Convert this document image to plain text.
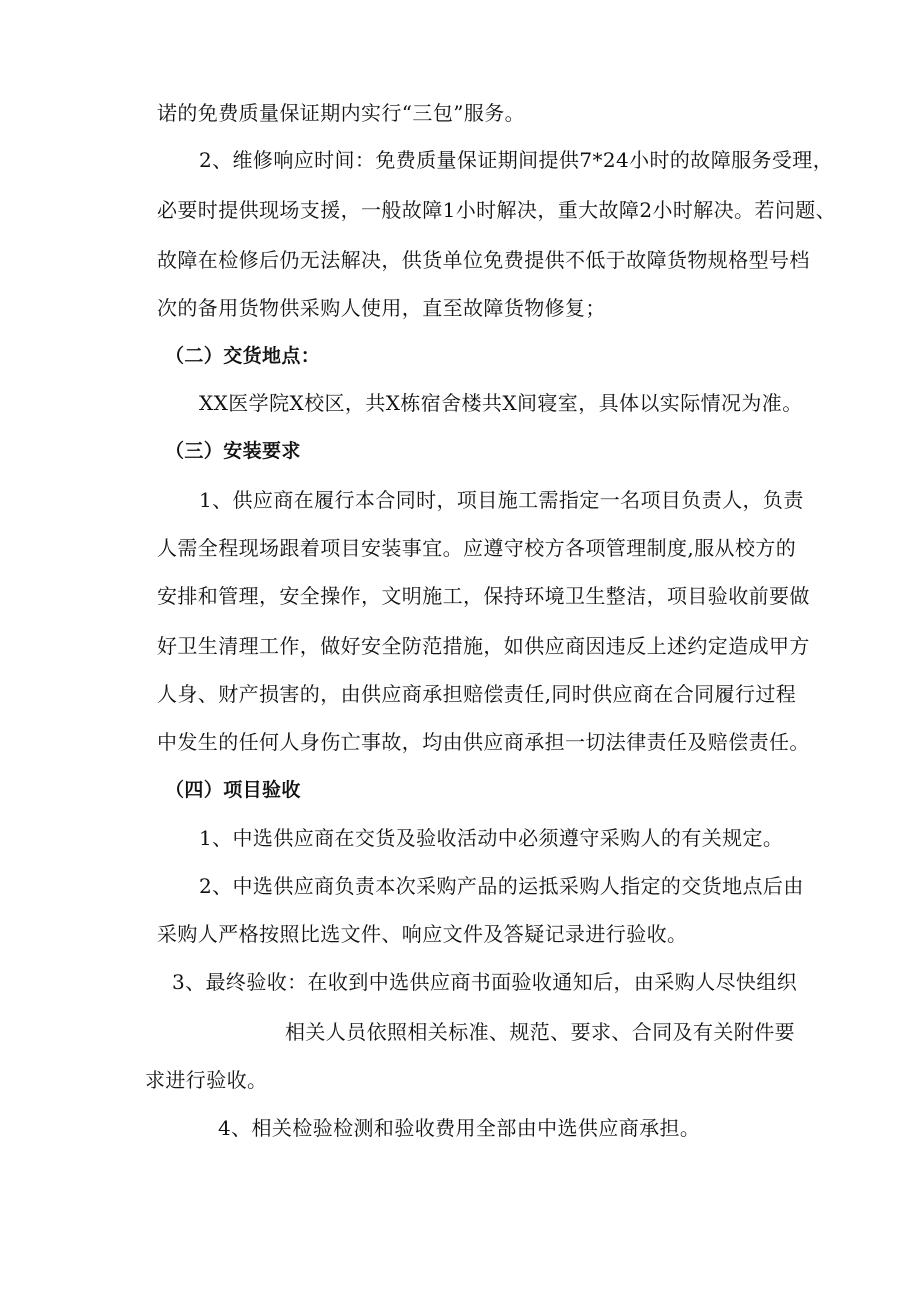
诺的免费质量保证期内实行“三包”服务。
2、维修响应时间：免费质量保证期间提供7*24小时的故障服务受理，
必要时提供现场支援，一般故障1小时解决，重大故障2小时解决。若问题、
故障在检修后仍无法解决，供货单位免费提供不低于故障货物规格型号档
次的备用货物供采购人使用，直至故障货物修复；
（二）交货地点：
XX医学院X校区，共X栋宿舍楼共X间寝室，具体以实际情况为准。
（三）安装要求
1、供应商在履行本合同时，项目施工需指定一名项目负责人，负责
人需全程现场跟着项目安装事宜。应遵守校方各项管理制度,服从校方的
安排和管理，安全操作，文明施工，保持环境卫生整洁，项目验收前要做
好卫生清理工作，做好安全防范措施，如供应商因违反上述约定造成甲方
人身、财产损害的，由供应商承担赔偿责任,同时供应商在合同履行过程
中发生的任何人身伤亡事故，均由供应商承担一切法律责任及赔偿责任。
（四）项目验收
1、中选供应商在交货及验收活动中必须遵守采购人的有关规定。
2、中选供应商负责本次采购产品的运抵采购人指定的交货地点后由
采购人严格按照比选文件、响应文件及答疑记录进行验收。
3、最终验收：在收到中选供应商书面验收通知后，由采购人尽快组织
相关人员依照相关标准、规范、要求、合同及有关附件要
求进行验收。
4、相关检验检测和验收费用全部由中选供应商承担。
